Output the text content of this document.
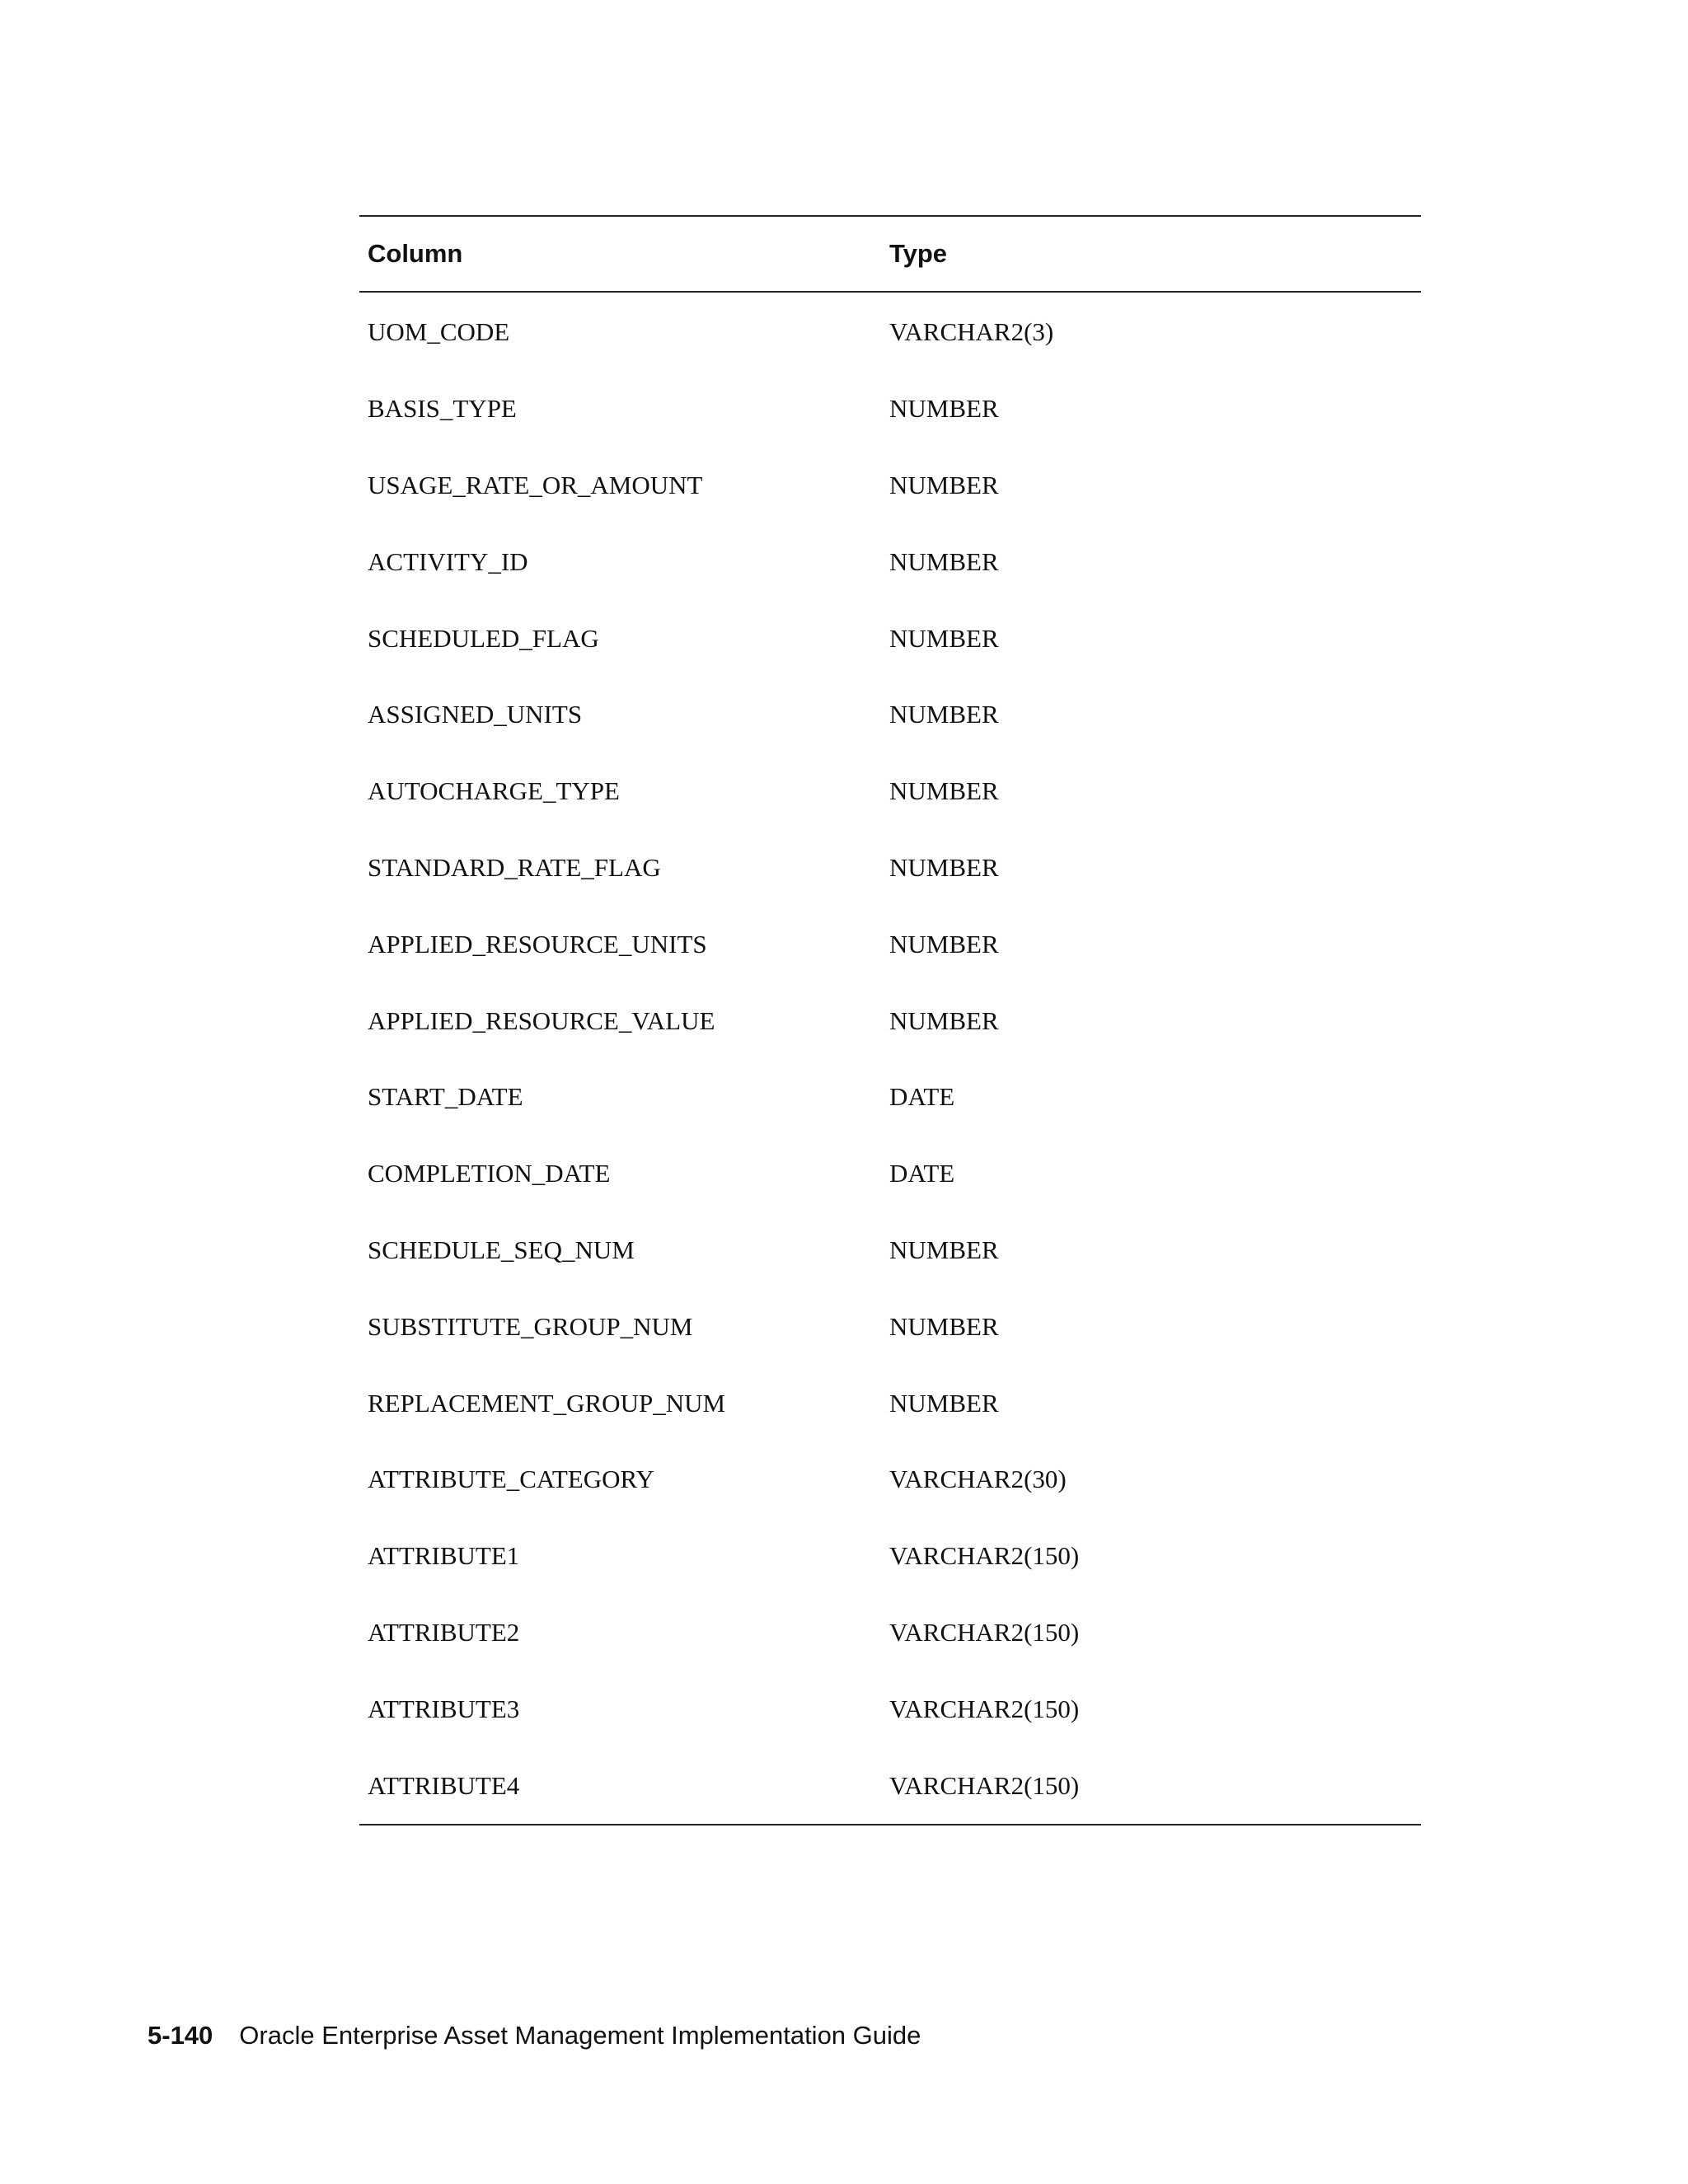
Column	Type
UOM_CODE	VARCHAR2(3)
BASIS_TYPE	NUMBER
USAGE_RATE_OR_AMOUNT	NUMBER
ACTIVITY_ID	NUMBER
SCHEDULED_FLAG	NUMBER
ASSIGNED_UNITS	NUMBER
AUTOCHARGE_TYPE	NUMBER
STANDARD_RATE_FLAG	NUMBER
APPLIED_RESOURCE_UNITS	NUMBER
APPLIED_RESOURCE_VALUE	NUMBER
START_DATE	DATE
COMPLETION_DATE	DATE
SCHEDULE_SEQ_NUM	NUMBER
SUBSTITUTE_GROUP_NUM	NUMBER
REPLACEMENT_GROUP_NUM	NUMBER
ATTRIBUTE_CATEGORY	VARCHAR2(30)
ATTRIBUTE1	VARCHAR2(150)
ATTRIBUTE2	VARCHAR2(150)
ATTRIBUTE3	VARCHAR2(150)
ATTRIBUTE4	VARCHAR2(150)
5-140 Oracle Enterprise Asset Management Implementation Guide
